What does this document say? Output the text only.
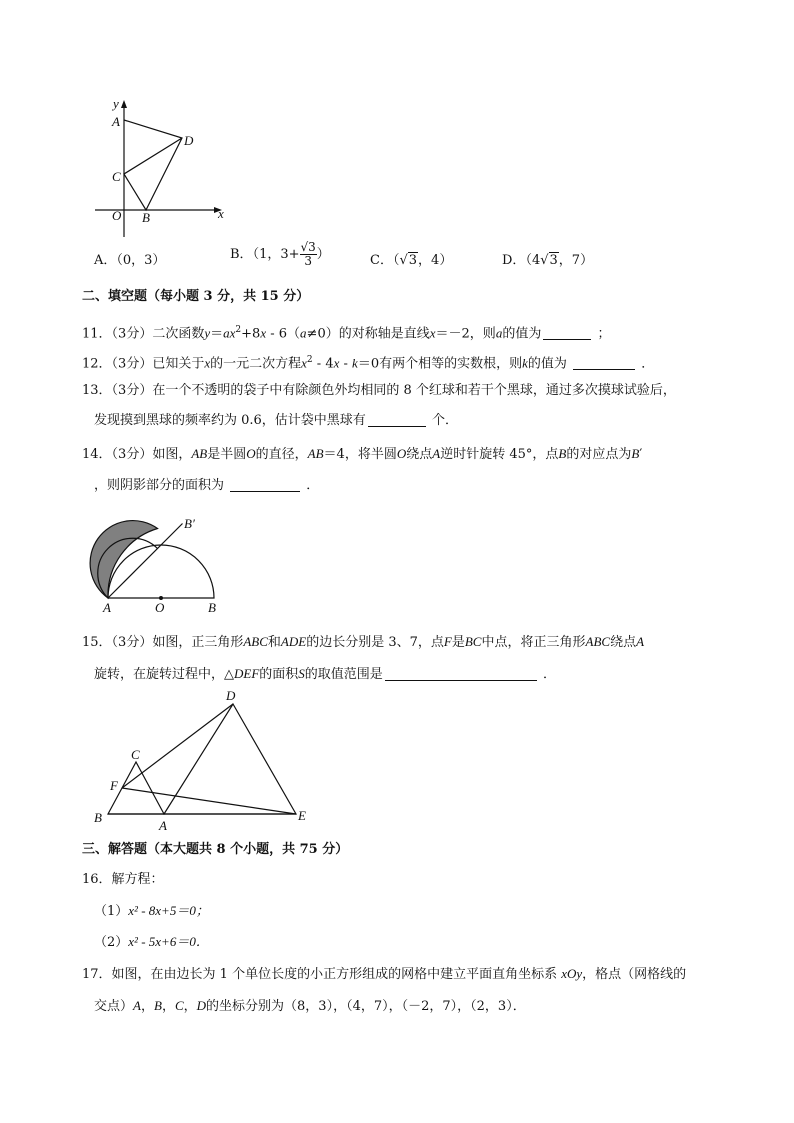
y
A
D
C
O B	x
A．（0，3）	B．（1，$3+ \frac{√3}{3}$ ）	C．（√3，4）	D．（4√3，7）
二、填空题（每小题 3 分，共 15 分）
11．（3分）二次函数$y=ax^2+8x - 6(a\ne 0)$的对称轴是直线x＝－2，则a的值为	；
12．（3分）已知关于x的一元二次方程$x^2 - 4x - k=0$有两个相等的实数根，则k的值为	．
13．（3分）在一个不透明的袋子中有除颜色外均相同的 8 个红球和若干个黑球，通过多次摸球试验后，
发现摸到黑球的频率约为 0.6，估计袋中黑球有	个．
14．（3分）如图，AB是半圆O的直径，AB＝4，将半圆O绕点A逆时针旋转 45°，点B的对应点为B′
，则阴影部分的面积为	．
B′
A	O	B
15．（3分）如图，正三角形ABC和ADE的边长分别是 3、7，点F是BC中点，将正三角形ABC绕点A
旋转，在旋转过程中，△DEF的面积S的取值范围是	．
D
C
F
B
A
E
三、解答题（本大题共 8 个小题，共 75 分）
16．解方程：
（1）x² - 8x+5＝0；
（2）x² - 5x+6＝0．
17．如图，在由边长为 1 个单位长度的小正方形组成的网格中建立平面直角坐标系 xOy，格点（网格线的
交点）A，B，C，D的坐标分别为（8，3），（4，7），（－2，7），（2，3）．
